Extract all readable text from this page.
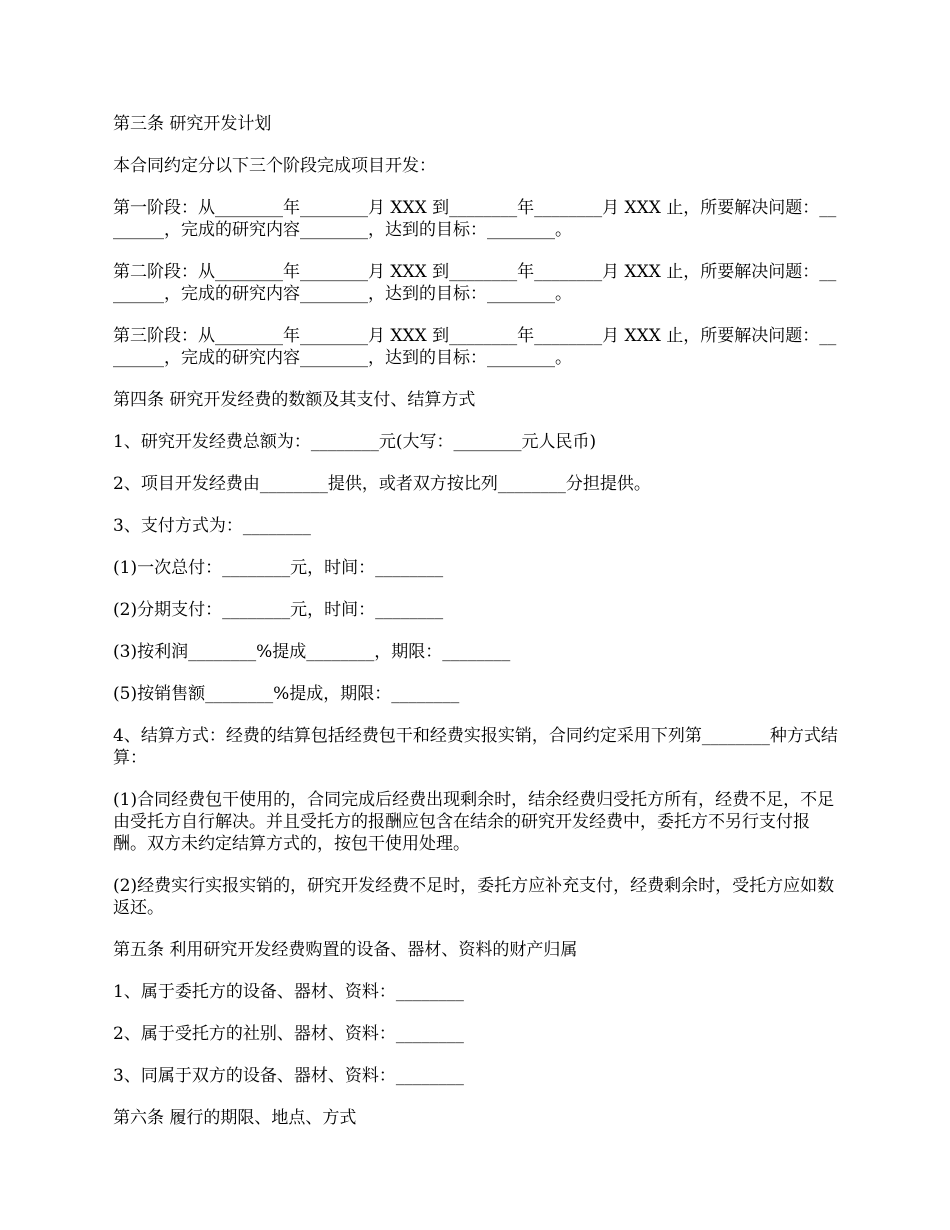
第三条 研究开发计划

本合同约定分以下三个阶段完成项目开发：

第一阶段：从________年________月 XXX 到________年________月 XXX 止，所要解决问题：________，完成的研究内容________，达到的目标：________。

第二阶段：从________年________月 XXX 到________年________月 XXX 止，所要解决问题：________，完成的研究内容________，达到的目标：________。

第三阶段：从________年________月 XXX 到________年________月 XXX 止，所要解决问题：________，完成的研究内容________，达到的目标：________。

第四条 研究开发经费的数额及其支付、结算方式

1、研究开发经费总额为：________元(大写：________元人民币)

2、项目开发经费由________提供，或者双方按比列________分担提供。

3、支付方式为：________

(1)一次总付：________元，时间：________

(2)分期支付：________元，时间：________

(3)按利润________%提成________，期限：________

(5)按销售额________%提成，期限：________

4、结算方式：经费的结算包括经费包干和经费实报实销，合同约定采用下列第________种方式结算：

(1)合同经费包干使用的，合同完成后经费出现剩余时，结余经费归受托方所有，经费不足，不足由受托方自行解决。并且受托方的报酬应包含在结余的研究开发经费中，委托方不另行支付报酬。双方未约定结算方式的，按包干使用处理。

(2)经费实行实报实销的，研究开发经费不足时，委托方应补充支付，经费剩余时，受托方应如数返还。

第五条 利用研究开发经费购置的设备、器材、资料的财产归属

1、属于委托方的设备、器材、资料：________

2、属于受托方的社别、器材、资料：________

3、同属于双方的设备、器材、资料：________

第六条 履行的期限、地点、方式
